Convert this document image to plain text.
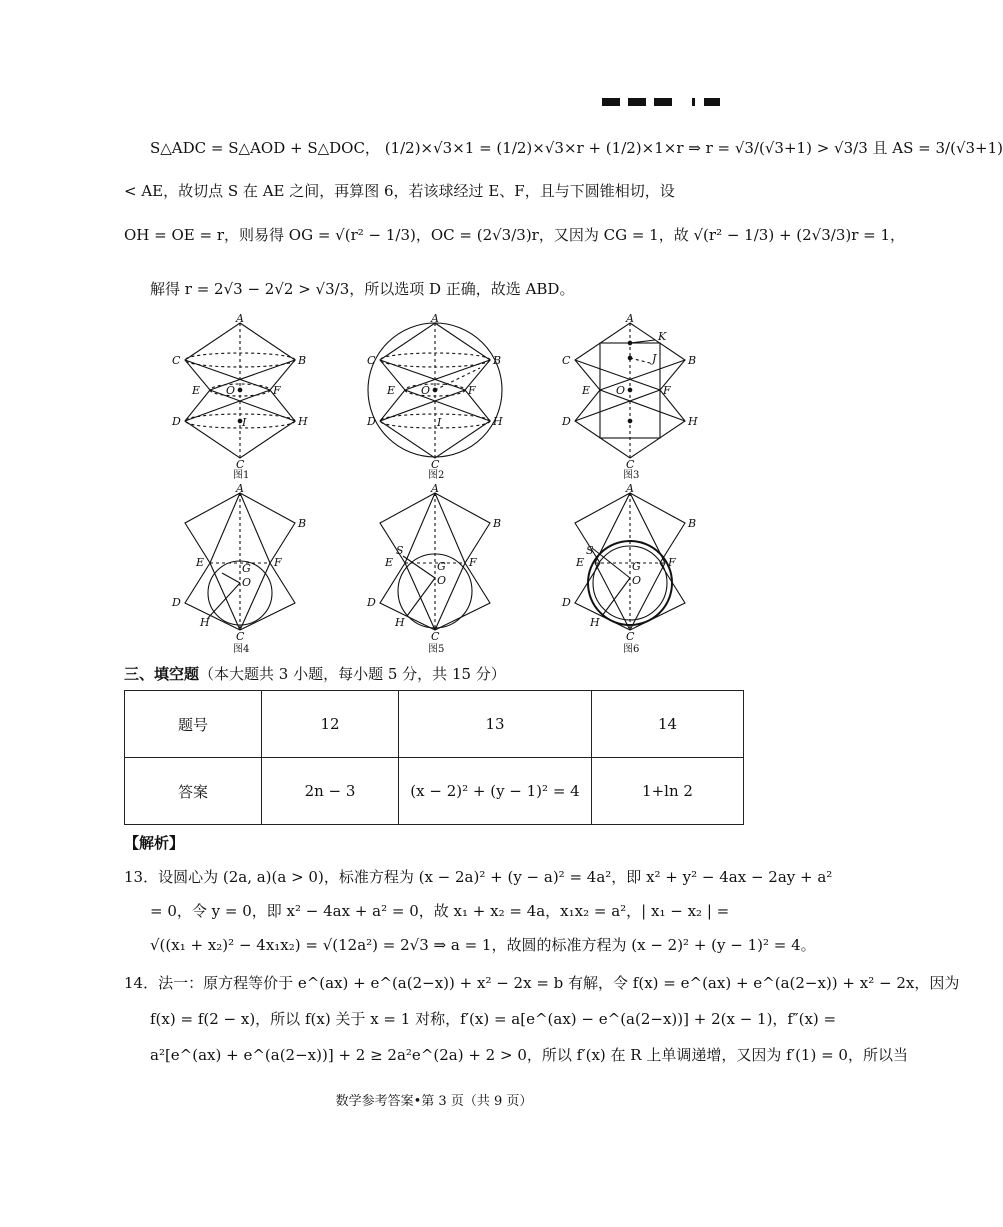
S△ADC = S△AOD + S△DOC， (1/2)×√3×1 = (1/2)×√3×r + (1/2)×1×r ⇒ r = √3/(√3+1) > √3/3 且 AS = 3/(√3+1)
< AE，故切点 S 在 AE 之间，再算图 6，若该球经过 E、F，且与下圆锥相切，设
OH = OE = r，则易得 OG = √(r² − 1/3)，OC = (2√3/3)r，又因为 CG = 1，故 √(r² − 1/3) + (2√3/3)r = 1，
解得 r = 2√3 − 2√2 > √3/3，所以选项 D 正确，故选 ABD。
A
B
C
E O	F
D	I	H
C
A
B
C
E O	F
D	I	H
C
A
K
B
C	J
E O	F
D	H
C
A
B
E	G
O
F
D
H
C
A
B
S
E	G
O
F
D
H
C
A
B
S
E	G
O
F
D
H
C
图1	图2	图3
图4	图5	图6
三、填空题（本大题共 3 小题，每小题 5 分，共 15 分）
题号	12	13	14
答案	2n − 3	(x − 2)² + (y − 1)² = 4	1+ln 2
【解析】
13．设圆心为 (2a, a)(a > 0)，标准方程为 (x − 2a)² + (y − a)² = 4a²，即 x² + y² − 4ax − 2ay + a²
= 0，令 y = 0，即 x² − 4ax + a² = 0，故 x₁ + x₂ = 4a，x₁x₂ = a²，| x₁ − x₂ | =
√((x₁ + x₂)² − 4x₁x₂) = √(12a²) = 2√3 ⇒ a = 1，故圆的标准方程为 (x − 2)² + (y − 1)² = 4。
14．法一：原方程等价于 e^(ax) + e^(a(2−x)) + x² − 2x = b 有解，令 f(x) = e^(ax) + e^(a(2−x)) + x² − 2x，因为
f(x) = f(2 − x)，所以 f(x) 关于 x = 1 对称，f′(x) = a[e^(ax) − e^(a(2−x))] + 2(x − 1)，f″(x) =
a²[e^(ax) + e^(a(2−x))] + 2 ≥ 2a²e^(2a) + 2 > 0，所以 f′(x) 在 R 上单调递增，又因为 f′(1) = 0，所以当
数学参考答案•第 3 页（共 9 页）
